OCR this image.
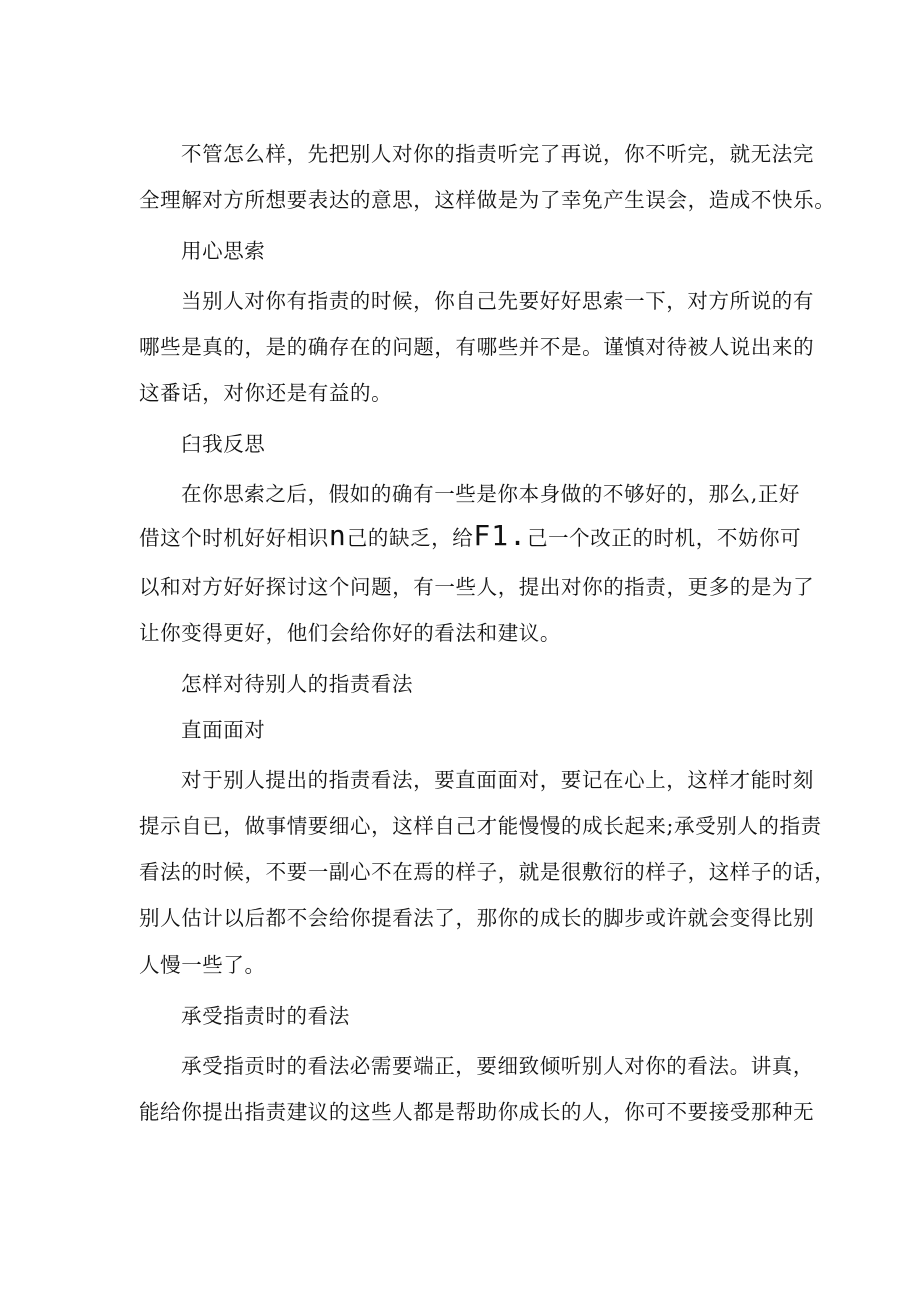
不管怎么样，先把别人对你的指责听完了再说，你不听完，就无法完
全理解对方所想要表达的意思，这样做是为了幸免产生误会，造成不快乐。
用心思索
当别人对你有指责的时候，你自己先要好好思索一下，对方所说的有
哪些是真的，是的确存在的问题，有哪些并不是。谨慎对待被人说出来的
这番话，对你还是有益的。
臼我反思
在你思索之后，假如的确有一些是你本身做的不够好的，那么,正好
借这个时机好好相识n己的缺乏，给F1.己一个改正的时机，不妨你可
以和对方好好探讨这个问题，有一些人，提出对你的指责，更多的是为了
让你变得更好，他们会给你好的看法和建议。
怎样对待别人的指责看法
直面面对
对于别人提出的指责看法，要直面面对，要记在心上，这样才能时刻
提示自已，做事情要细心，这样自己才能慢慢的成长起来;承受别人的指责
看法的时候，不要一副心不在焉的样子，就是很敷衍的样子，这样子的话，
别人估计以后都不会给你提看法了，那你的成长的脚步或许就会变得比别
人慢一些了。
承受指责时的看法
承受指贡时的看法必需要端正，要细致倾听别人对你的看法。讲真，
能给你提出指责建议的这些人都是帮助你成长的人，你可不要接受那种无
